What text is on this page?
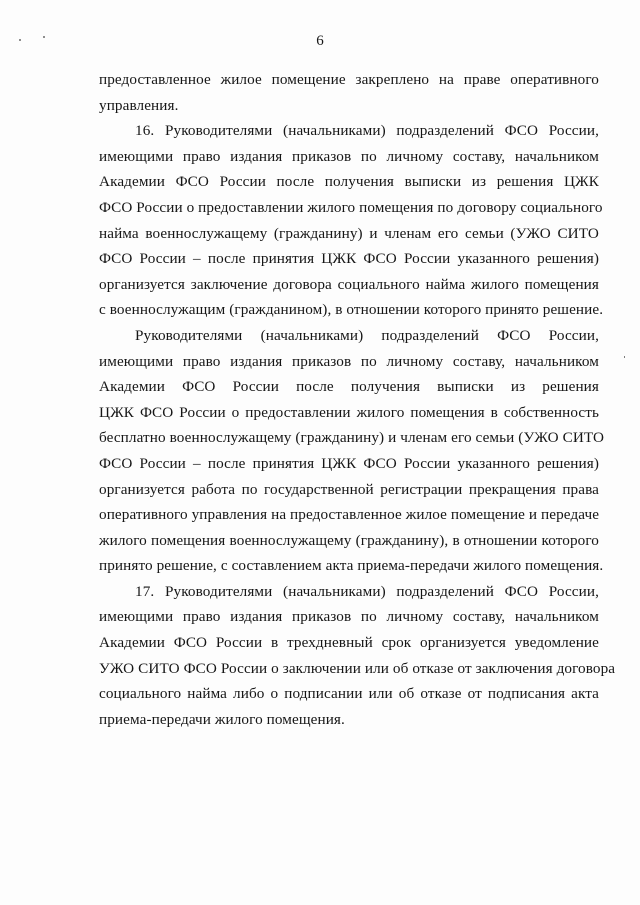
6
предоставленное жилое помещение закреплено на праве оперативного
управления.
16. Руководителями (начальниками) подразделений ФСО России,
имеющими право издания приказов по личному составу, начальником
Академии ФСО России после получения выписки из решения ЦЖК
ФСО России о предоставлении жилого помещения по договору социального
найма военнослужащему (гражданину) и членам его семьи (УЖО СИТО
ФСО России – после принятия ЦЖК ФСО России указанного решения)
организуется заключение договора социального найма жилого помещения
с военнослужащим (гражданином), в отношении которого принято решение.
Руководителями (начальниками) подразделений ФСО России,
имеющими право издания приказов по личному составу, начальником
Академии ФСО России после получения выписки из решения
ЦЖК ФСО России о предоставлении жилого помещения в собственность
бесплатно военнослужащему (гражданину) и членам его семьи (УЖО СИТО
ФСО России – после принятия ЦЖК ФСО России указанного решения)
организуется работа по государственной регистрации прекращения права
оперативного управления на предоставленное жилое помещение и передаче
жилого помещения военнослужащему (гражданину), в отношении которого
принято решение, с составлением акта приема-передачи жилого помещения.
17. Руководителями (начальниками) подразделений ФСО России,
имеющими право издания приказов по личному составу, начальником
Академии ФСО России в трехдневный срок организуется уведомление
УЖО СИТО ФСО России о заключении или об отказе от заключения договора
социального найма либо о подписании или об отказе от подписания акта
приема-передачи жилого помещения.
